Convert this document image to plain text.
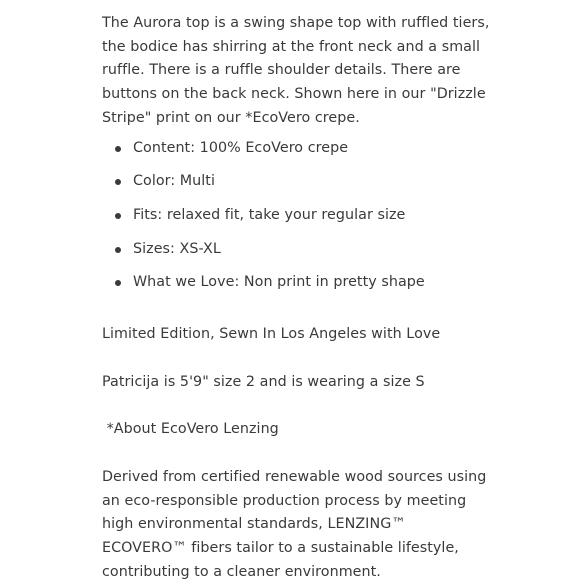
The Aurora top is a swing shape top with ruffled tiers, the bodice has shirring at the front neck and a small ruffle. There is a ruffle shoulder details. There are buttons on the back neck. Shown here in our "Drizzle Stripe" print on our *EcoVero crepe.

Content: 100% EcoVero crepe
Color: Multi
Fits: relaxed fit, take your regular size
Sizes: XS-XL
What we Love: Non print in pretty shape

Limited Edition, Sewn In Los Angeles with Love

Patricija is 5'9" size 2 and is wearing a size S

*About EcoVero Lenzing

Derived from certified renewable wood sources using an eco-responsible production process by meeting high environmental standards, LENZING™ ECOVERO™ fibers tailor to a sustainable lifestyle, contributing to a cleaner environment.
